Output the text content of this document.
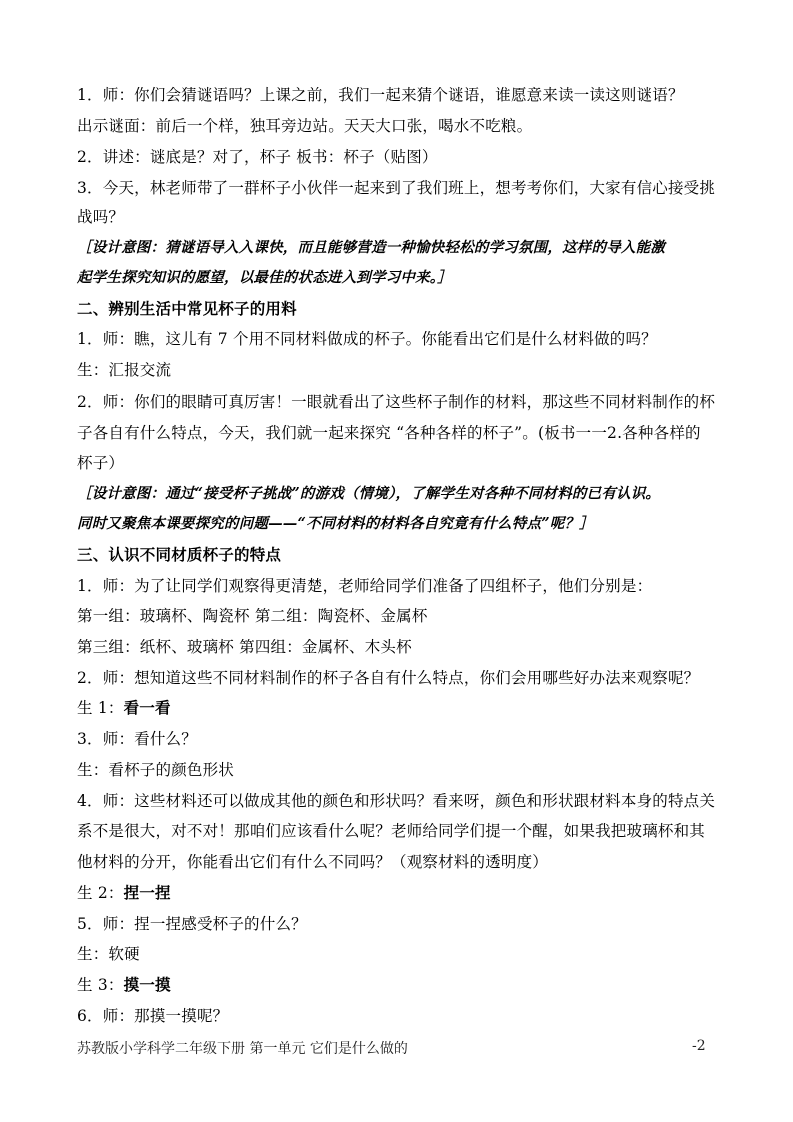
1．师：你们会猜谜语吗？上课之前，我们一起来猜个谜语，谁愿意来读一读这则谜语？
出示谜面：前后一个样，独耳旁边站。天天大口张，喝水不吃粮。
2．讲述：谜底是？对了，杯子 板书：杯子（贴图）
3．今天，林老师带了一群杯子小伙伴一起来到了我们班上，想考考你们，大家有信心接受挑
战吗？
［设计意图：猜谜语导入入课快，而且能够营造一种愉快轻松的学习氛围，这样的导入能激
起学生探究知识的愿望，以最佳的状态进入到学习中来。］
二、辨别生活中常见杯子的用料
1．师：瞧，这儿有 7 个用不同材料做成的杯子。你能看出它们是什么材料做的吗？
生：汇报交流
2．师：你们的眼睛可真厉害！一眼就看出了这些杯子制作的材料，那这些不同材料制作的杯
子各自有什么特点，今天，我们就一起来探究 “各种各样的杯子”。(板书一一2.各种各样的
杯子）
［设计意图：通过“接受杯子挑战”的游戏（情境），了解学生对各种不同材料的已有认识。
同时又聚焦本课要探究的问题——“不同材料的材料各自究竟有什么特点”呢？］
三、认识不同材质杯子的特点
1．师：为了让同学们观察得更清楚，老师给同学们准备了四组杯子，他们分别是：
第一组：玻璃杯、陶瓷杯 第二组：陶瓷杯、金属杯
第三组：纸杯、玻璃杯 第四组：金属杯、木头杯
2．师：想知道这些不同材料制作的杯子各自有什么特点，你们会用哪些好办法来观察呢？
生 1：看一看
3．师：看什么？
生：看杯子的颜色形状
4．师：这些材料还可以做成其他的颜色和形状吗？看来呀，颜色和形状跟材料本身的特点关
系不是很大，对不对！那咱们应该看什么呢？老师给同学们提一个醒，如果我把玻璃杯和其
他材料的分开，你能看出它们有什么不同吗？（观察材料的透明度）
生 2：捏一捏
5．师：捏一捏感受杯子的什么？
生：软硬
生 3：摸一摸
6．师：那摸一摸呢？
苏教版小学科学二年级下册 第一单元 它们是什么做的	-2
